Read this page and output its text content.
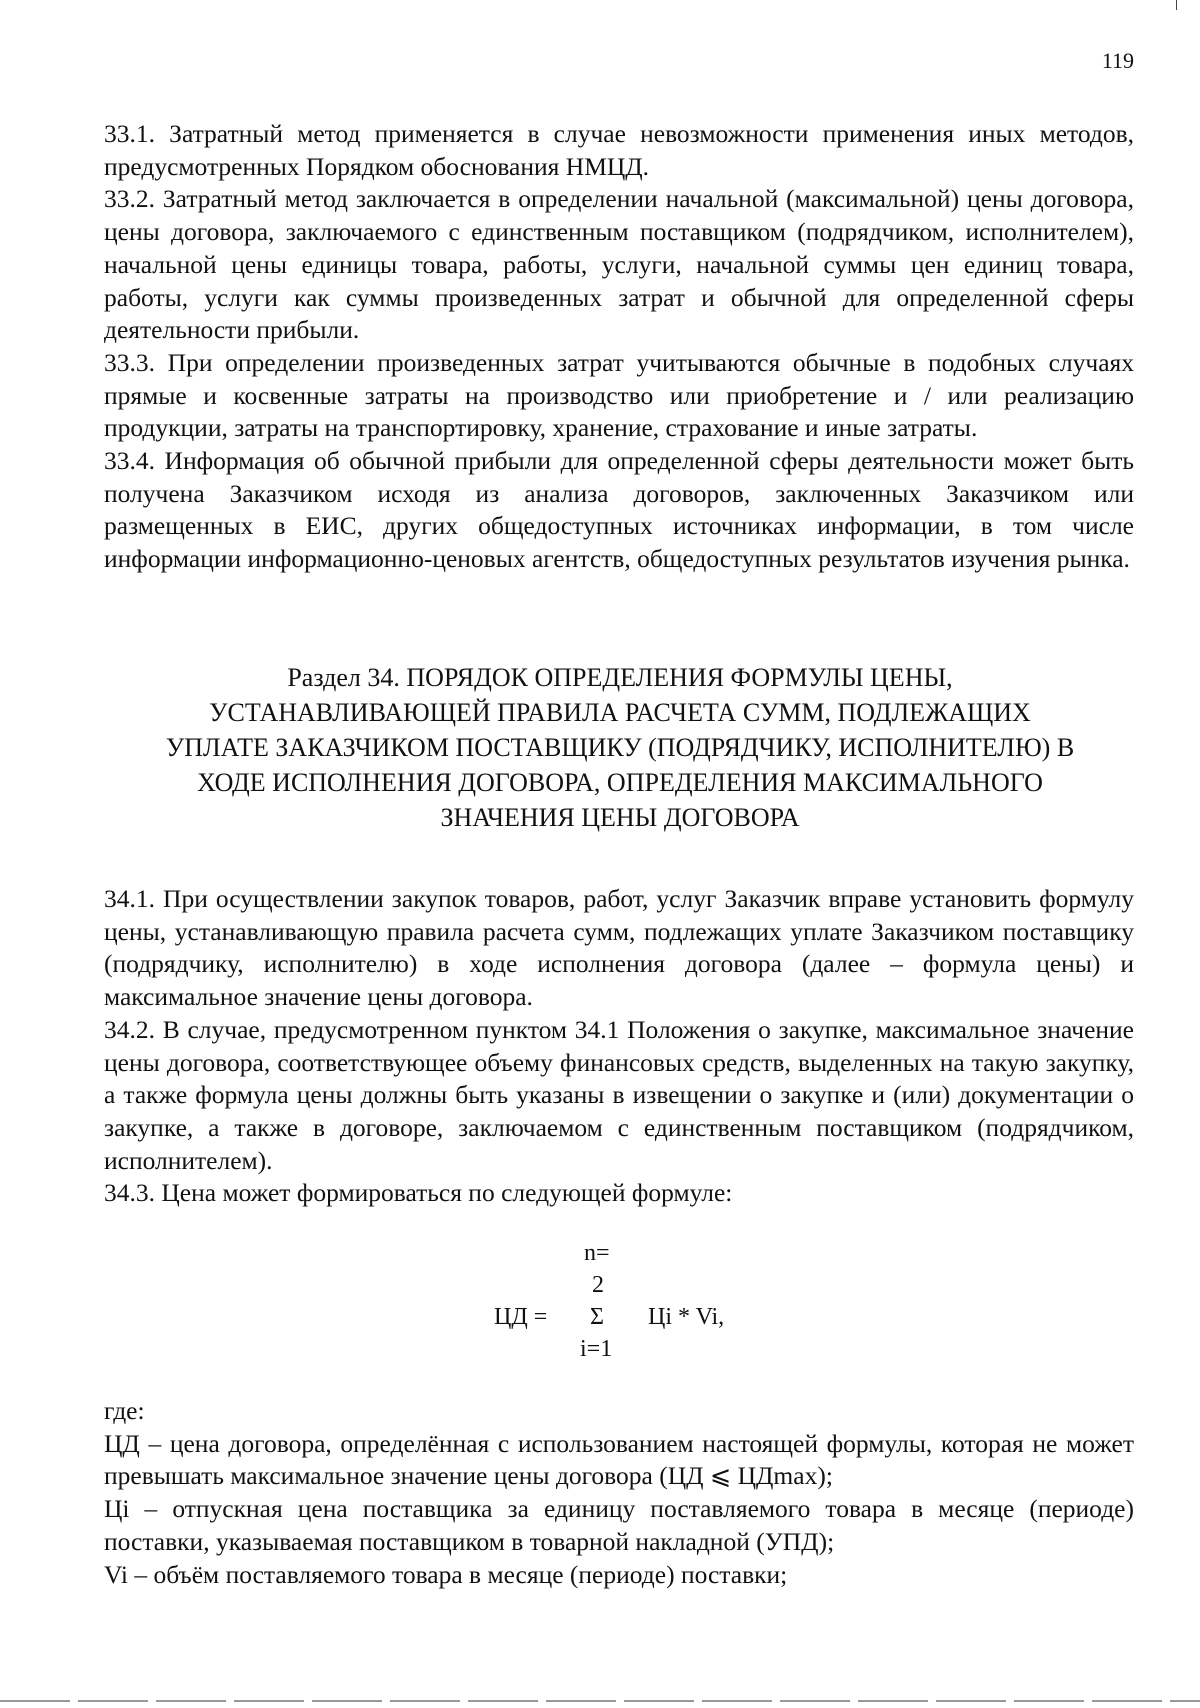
119

33.1. Затратный метод применяется в случае невозможности применения иных методов, предусмотренных Порядком обоснования НМЦД.

33.2. Затратный метод заключается в определении начальной (максимальной) цены договора, цены договора, заключаемого с единственным поставщиком (подрядчиком, исполнителем), начальной цены единицы товара, работы, услуги, начальной суммы цен единиц товара, работы, услуги как суммы произведенных затрат и обычной для определенной сферы деятельности прибыли.

33.3. При определении произведенных затрат учитываются обычные в подобных случаях прямые и косвенные затраты на производство или приобретение и / или реализацию продукции, затраты на транспортировку, хранение, страхование и иные затраты.

33.4. Информация об обычной прибыли для определенной сферы деятельности может быть получена Заказчиком исходя из анализа договоров, заключенных Заказчиком или размещенных в ЕИС, других общедоступных источниках информации, в том числе информации информационно-ценовых агентств, общедоступных результатов изучения рынка.

Раздел 34. ПОРЯДОК ОПРЕДЕЛЕНИЯ ФОРМУЛЫ ЦЕНЫ,
УСТАНАВЛИВАЮЩЕЙ ПРАВИЛА РАСЧЕТА СУММ, ПОДЛЕЖАЩИХ
УПЛАТЕ ЗАКАЗЧИКОМ ПОСТАВЩИКУ (ПОДРЯДЧИКУ, ИСПОЛНИТЕЛЮ) В
ХОДЕ ИСПОЛНЕНИЯ ДОГОВОРА, ОПРЕДЕЛЕНИЯ МАКСИМАЛЬНОГО
ЗНАЧЕНИЯ ЦЕНЫ ДОГОВОРА

34.1. При осуществлении закупок товаров, работ, услуг Заказчик вправе установить формулу цены, устанавливающую правила расчета сумм, подлежащих уплате Заказчиком поставщику (подрядчику, исполнителю) в ходе исполнения договора (далее – формула цены) и максимальное значение цены договора.

34.2. В случае, предусмотренном пунктом 34.1 Положения о закупке, максимальное значение цены договора, соответствующее объему финансовых средств, выделенных на такую закупку, а также формула цены должны быть указаны в извещении о закупке и (или) документации о закупке, а также в договоре, заключаемом с единственным поставщиком (подрядчиком, исполнителем).

34.3. Цена может формироваться по следующей формуле:

n=
2
ЦД = Σ Цi * Vi,
i=1

где:

ЦД – цена договора, определённая с использованием настоящей формулы, которая не может превышать максимальное значение цены договора (ЦД ⩽ ЦДmax);

Цi – отпускная цена поставщика за единицу поставляемого товара в месяце (периоде) поставки, указываемая поставщиком в товарной накладной (УПД);

Vi – объём поставляемого товара в месяце (периоде) поставки;
